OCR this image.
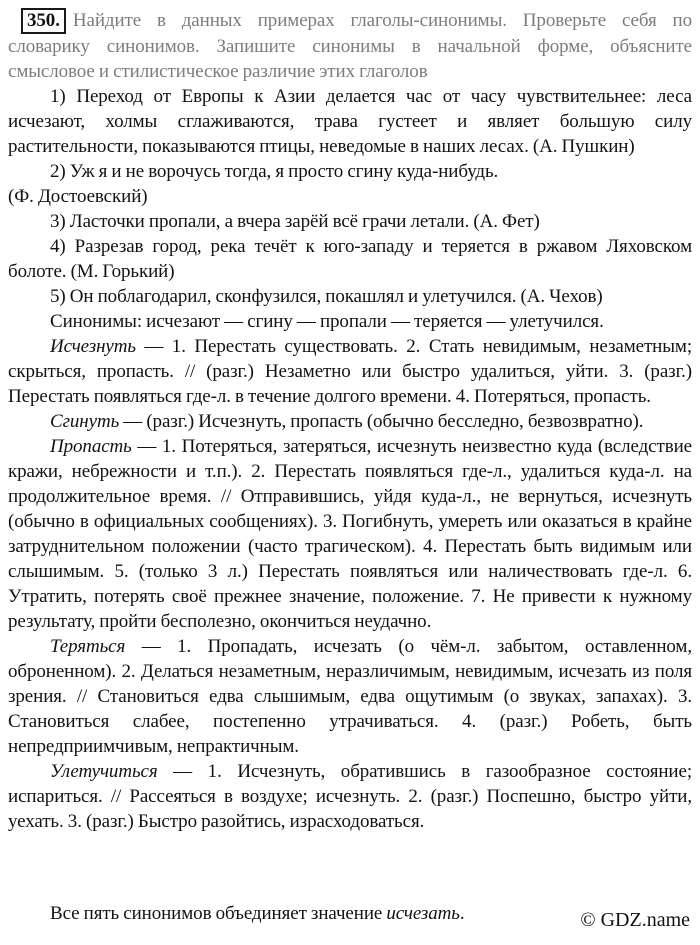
350. Найдите в данных примерах глаголы-синонимы. Проверьте себя по словарику синонимов. Запишите синонимы в начальной форме, объясните смысловое и стилистическое различие этих глаголов

1) Переход от Европы к Азии делается час от часу чувствительнее: леса исчезают, холмы сглаживаются, трава густеет и являет большую силу растительности, показываются птицы, неведомые в наших лесах. (А. Пушкин)

2) Уж я и не ворочусь тогда, я просто сгину куда-нибудь.
(Ф. Достоевский)

3) Ласточки пропали, а вчера зарёй всё грачи летали. (А. Фет)

4) Разрезав город, река течёт к юго-западу и теряется в ржавом Ляховском болоте. (М. Горький)

5) Он поблагодарил, сконфузился, покашлял и улетучился. (А. Чехов)

Синонимы: исчезают — сгину — пропали — теряется — улетучился.

Исчезнуть — 1. Перестать существовать. 2. Стать невидимым, незаметным; скрыться, пропасть. // (разг.) Незаметно или быстро удалиться, уйти. 3. (разг.) Перестать появляться где-л. в течение долгого времени. 4. Потеряться, пропасть.

Сгинуть — (разг.) Исчезнуть, пропасть (обычно бесследно, безвозвратно).

Пропасть — 1. Потеряться, затеряться, исчезнуть неизвестно куда (вследствие кражи, небрежности и т.п.). 2. Перестать появляться где-л., удалиться куда-л. на продолжительное время. // Отправившись, уйдя куда-л., не вернуться, исчезнуть (обычно в официальных сообщениях). 3. Погибнуть, умереть или оказаться в крайне затруднительном положении (часто трагическом). 4. Перестать быть видимым или слышимым. 5. (только 3 л.) Перестать появляться или наличествовать где-л. 6. Утратить, потерять своё прежнее значение, положение. 7. Не привести к нужному результату, пройти бесполезно, окончиться неудачно.

Теряться — 1. Пропадать, исчезать (о чём-л. забытом, оставленном, оброненном). 2. Делаться незаметным, неразличимым, невидимым, исчезать из поля зрения. // Становиться едва слышимым, едва ощутимым (о звуках, запахах). 3. Становиться слабее, постепенно утрачиваться. 4. (разг.) Робеть, быть непредприимчивым, непрактичным.

Улетучиться — 1. Исчезнуть, обратившись в газообразное состояние; испариться. // Рассеяться в воздухе; исчезнуть. 2. (разг.) Поспешно, быстро уйти, уехать. 3. (разг.) Быстро разойтись, израсходоваться.

Все пять синонимов объединяет значение исчезать.	© GDZ.name
